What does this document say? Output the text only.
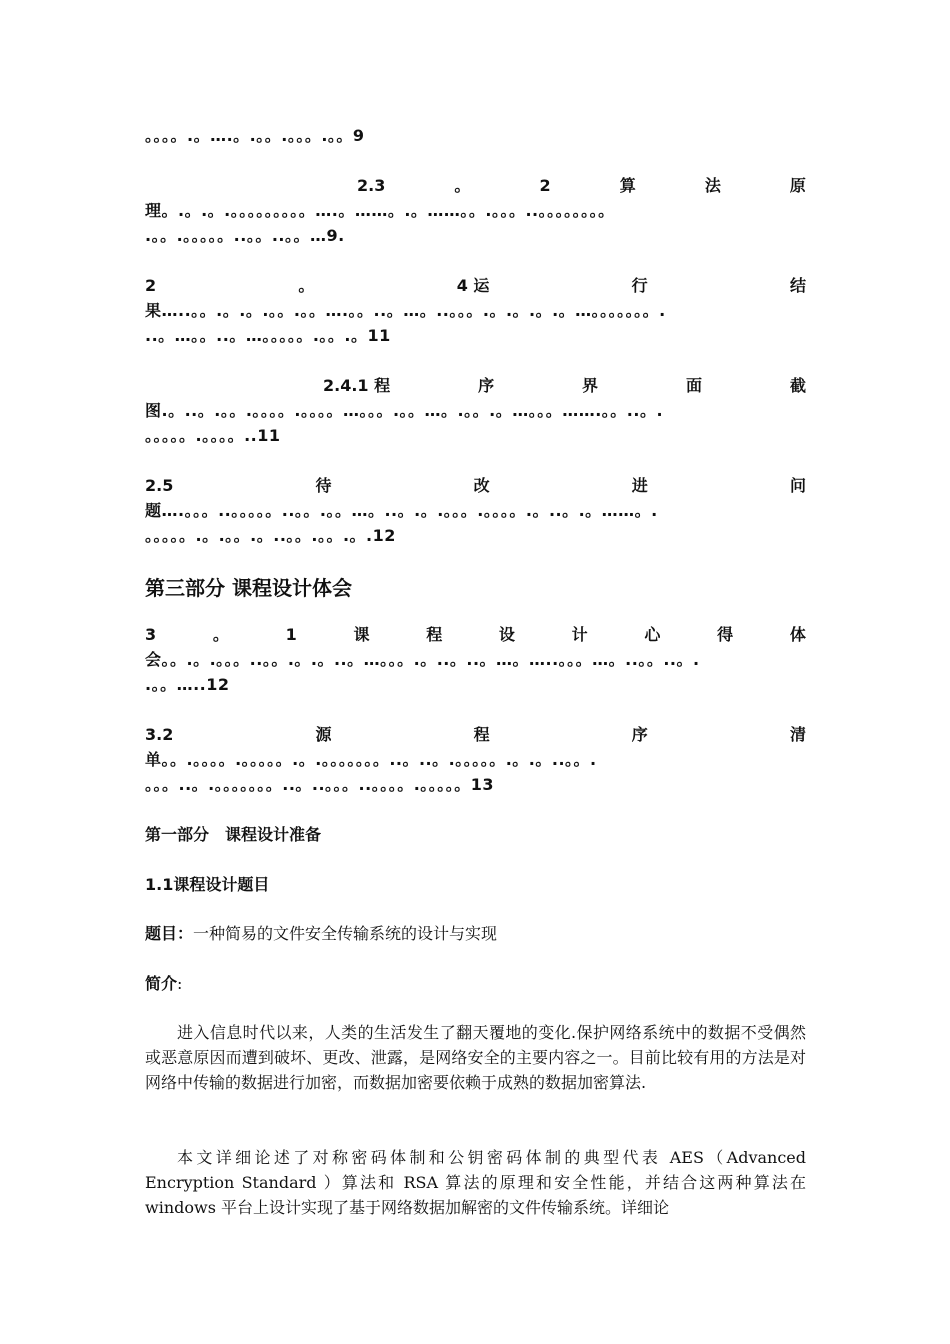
。。。。.。….。.。。.。。。.。。9
2.3	。	2	算	法	原
理。.。.。.。。。。。。。。。….。……。.。……。。.。。。..。。。。。。。。
.。。.。。。。。..。。..。。…9.
2	。	4 运	行	结
果…..。。.。.。.。。.。。….。。..。…。..。。。.。.。.。.。…。。。。。。。.
..。…。。..。…。。。。。.。。.。11
2.4.1 程	序	界	面	截
图.。..。.。。.。。。。.。。。。…。。。.。。…。.。。.。…。。。…….。。..。.
。。。。。.。。。。..11
2.5	待	改	进	问
题….。。。..。。。。。..。。.。。…。..。.。.。。。.。。。。.。..。.。……。.
。。。。。.。.。。.。..。。.。。.。.12
第三部分 课程设计体会
3	。	1	课	程	设	计	心	得	体
会。。.。.。。。..。。.。.。..。…。。。.。..。..。…。…..。。。…。..。。..。.
.。。…..12
3.2	源	程	序	清
单。。.。。。。.。。。。。.。.。。。。。。。..。..。.。。。。。.。.。..。。.
。。。..。.。。。。。。。..。..。。。..。。。。.。。。。。13
第一部分　课程设计准备
1.1课程设计题目
题目：一种简易的文件安全传输系统的设计与实现
简介:
进入信息时代以来，人类的生活发生了翻天覆地的变化.保护网络系统中的数据不受偶然或恶意原因而遭到破坏、更改、泄露，是网络安全的主要内容之一。目前比较有用的方法是对网络中传输的数据进行加密，而数据加密要依赖于成熟的数据加密算法.
本文详细论述了对称密码体制和公钥密码体制的典型代表 AES（Advanced Encryption Standard ）算法和 RSA 算法的原理和安全性能，并结合这两种算法在 windows 平台上设计实现了基于网络数据加解密的文件传输系统。详细论
